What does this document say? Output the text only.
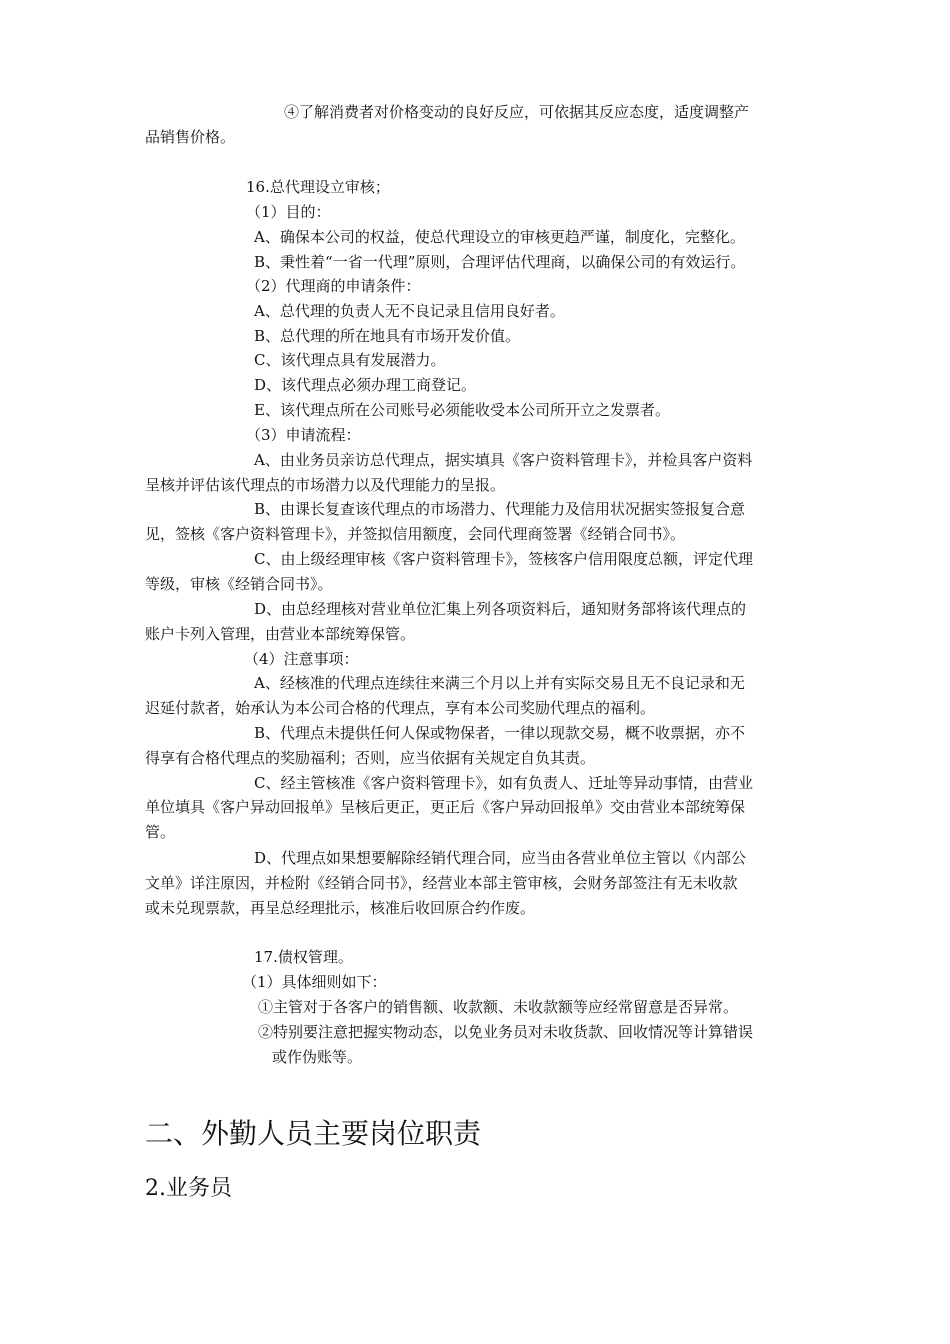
④了解消费者对价格变动的良好反应，可依据其反应态度，适度调整产

品销售价格。

16.总代理设立审核；

（1）目的：

A、确保本公司的权益，使总代理设立的审核更趋严谨，制度化，完整化。

B、秉性着“一省一代理”原则，合理评估代理商，以确保公司的有效运行。

（2）代理商的申请条件：

A、总代理的负责人无不良记录且信用良好者。

B、总代理的所在地具有市场开发价值。

C、该代理点具有发展潜力。

D、该代理点必须办理工商登记。

E、该代理点所在公司账号必须能收受本公司所开立之发票者。

（3）申请流程：

A、由业务员亲访总代理点，据实填具《客户资料管理卡》，并检具客户资料

呈核并评估该代理点的市场潜力以及代理能力的呈报。

B、由课长复查该代理点的市场潜力、代理能力及信用状况据实签报复合意

见，签核《客户资料管理卡》，并签拟信用额度，会同代理商签署《经销合同书》。

C、由上级经理审核《客户资料管理卡》，签核客户信用限度总额，评定代理

等级，审核《经销合同书》。

D、由总经理核对营业单位汇集上列各项资料后，通知财务部将该代理点的

账户卡列入管理，由营业本部统筹保管。

（4）注意事项：

A、经核准的代理点连续往来满三个月以上并有实际交易且无不良记录和无

迟延付款者，始承认为本公司合格的代理点，享有本公司奖励代理点的福利。

B、代理点未提供任何人保或物保者，一律以现款交易，概不收票据，亦不

得享有合格代理点的奖励福利；否则，应当依据有关规定自负其责。

C、经主管核准《客户资料管理卡》，如有负责人、迁址等异动事情，由营业

单位填具《客户异动回报单》呈核后更正，更正后《客户异动回报单》交由营业本部统筹保

管。

D、代理点如果想要解除经销代理合同，应当由各营业单位主管以《内部公

文单》详注原因，并检附《经销合同书》，经营业本部主管审核，会财务部签注有无未收款

或未兑现票款，再呈总经理批示，核准后收回原合约作废。

17.债权管理。

（1）具体细则如下：

①主管对于各客户的销售额、收款额、未收款额等应经常留意是否异常。

②特别要注意把握实物动态，以免业务员对未收货款、回收情况等计算错误

或作伪账等。

二、外勤人员主要岗位职责
2.业务员
